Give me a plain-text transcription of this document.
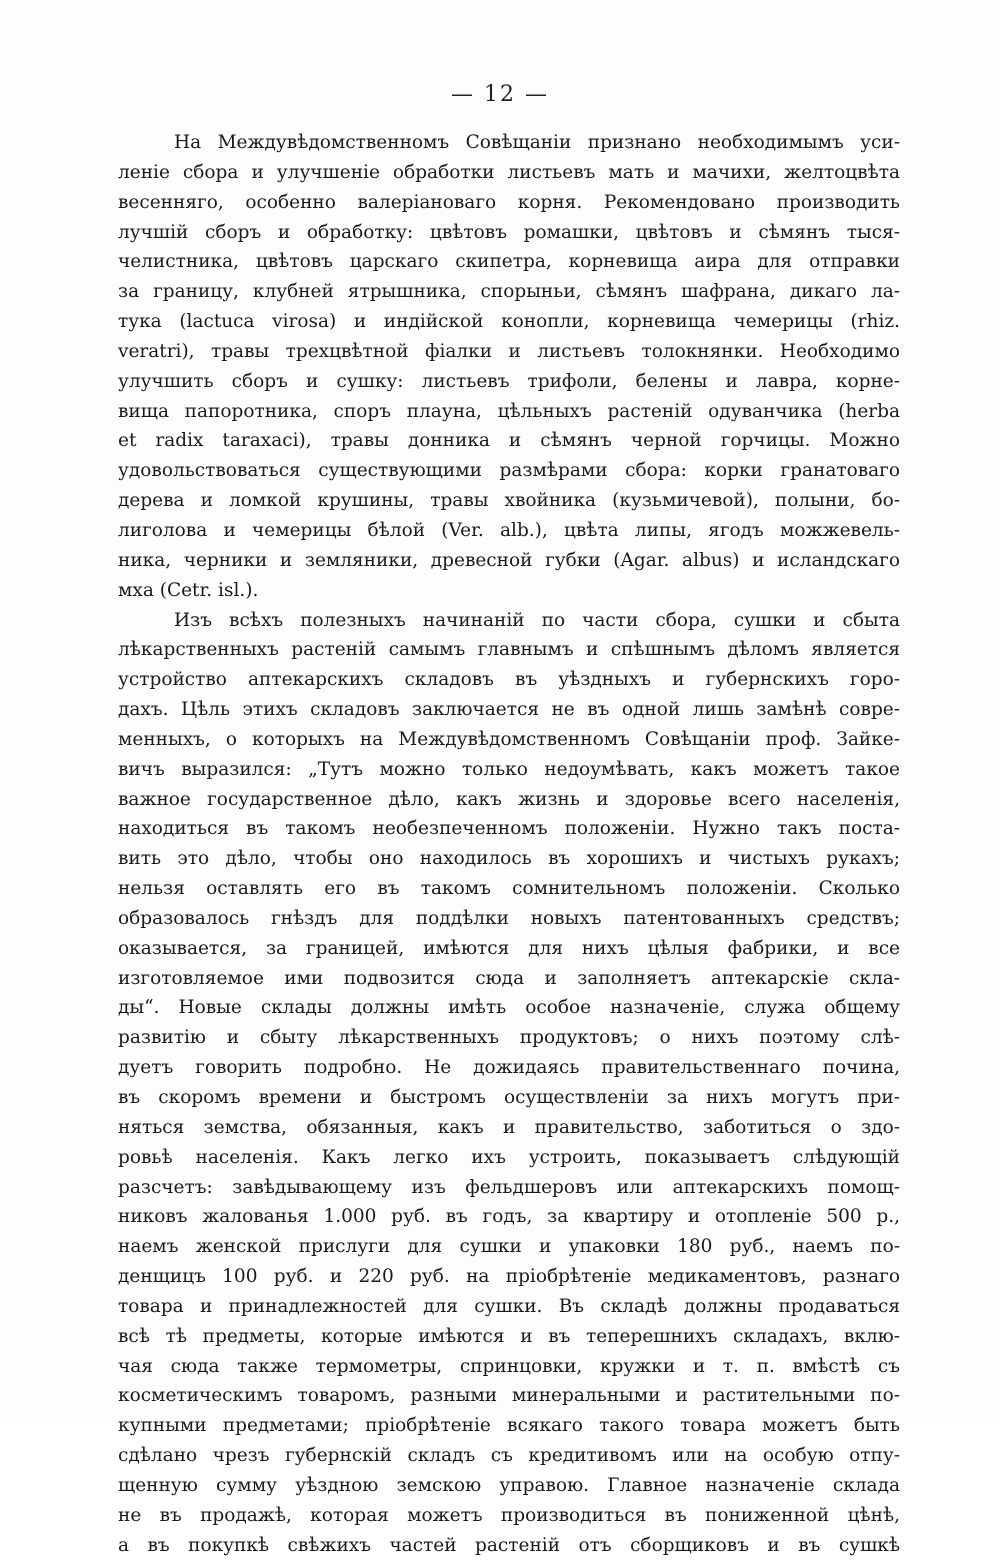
— 12 —
На Междувѣдомственномъ Совѣщаніи признано необходимымъ уси-
леніе сбора и улучшеніе обработки листьевъ мать и мачихи, желтоцвѣта
весенняго, особенно валеріановаго корня. Рекомендовано производить
лучшій сборъ и обработку: цвѣтовъ ромашки, цвѣтовъ и сѣмянъ тыся-
челистника, цвѣтовъ царскаго скипетра, корневища аира для отправки
за границу, клубней ятрышника, спорыньи, сѣмянъ шафрана, дикаго ла-
тука (lactuca virosa) и индійской конопли, корневища чемерицы (rhiz.
veratri), травы трехцвѣтной фіалки и листьевъ толокнянки. Необходимо
улучшить сборъ и сушку: листьевъ трифоли, белены и лавра, корне-
вища папоротника, споръ плауна, цѣльныхъ растеній одуванчика (herba
et radix taraxaci), травы донника и сѣмянъ черной горчицы. Можно
удовольствоваться существующими размѣрами сбора: корки гранатоваго
дерева и ломкой крушины, травы хвойника (кузьмичевой), полыни, бо-
лиголова и чемерицы бѣлой (Ver. alb.), цвѣта липы, ягодъ можжевель-
ника, черники и земляники, древесной губки (Agar. albus) и исландскаго
мха (Cetr. isl.).
Изъ всѣхъ полезныхъ начинаній по части сбора, сушки и сбыта
лѣкарственныхъ растеній самымъ главнымъ и спѣшнымъ дѣломъ является
устройство аптекарскихъ складовъ въ уѣздныхъ и губернскихъ горо-
дахъ. Цѣль этихъ складовъ заключается не въ одной лишь замѣнѣ совре-
менныхъ, о которыхъ на Междувѣдомственномъ Совѣщаніи проф. Зайке-
вичъ выразился: „Тутъ можно только недоумѣвать, какъ можетъ такое
важное государственное дѣло, какъ жизнь и здоровье всего населенія,
находиться въ такомъ необезпеченномъ положеніи. Нужно такъ поста-
вить это дѣло, чтобы оно находилось въ хорошихъ и чистыхъ рукахъ;
нельзя оставлять его въ такомъ сомнительномъ положеніи. Сколько
образовалось гнѣздъ для поддѣлки новыхъ патентованныхъ средствъ;
оказывается, за границей, имѣются для нихъ цѣлыя фабрики, и все
изготовляемое ими подвозится сюда и заполняетъ аптекарскіе скла-
ды“. Новые склады должны имѣть особое назначеніе, служа общему
развитію и сбыту лѣкарственныхъ продуктовъ; о нихъ поэтому слѣ-
дуетъ говорить подробно. Не дожидаясь правительственнаго почина,
въ скоромъ времени и быстромъ осуществленіи за нихъ могутъ при-
няться земства, обязанныя, какъ и правительство, заботиться о здо-
ровьѣ населенія. Какъ легко ихъ устроить, показываетъ слѣдующій
разсчетъ: завѣдывающему изъ фельдшеровъ или аптекарскихъ помощ-
никовъ жалованья 1.000 руб. въ годъ, за квартиру и отопленіе 500 р.,
наемъ женской прислуги для сушки и упаковки 180 руб., наемъ по-
денщицъ 100 руб. и 220 руб. на пріобрѣтеніе медикаментовъ, разнаго
товара и принадлежностей для сушки. Въ складѣ должны продаваться
всѣ тѣ предметы, которые имѣются и въ теперешнихъ складахъ, вклю-
чая сюда также термометры, спринцовки, кружки и т. п. вмѣстѣ съ
косметическимъ товаромъ, разными минеральными и растительными по-
купными предметами; пріобрѣтеніе всякаго такого товара можетъ быть
сдѣлано чрезъ губернскій складъ съ кредитивомъ или на особую отпу-
щенную сумму уѣздною земскою управою. Главное назначеніе склада
не въ продажѣ, которая можетъ производиться въ пониженной цѣнѣ,
а въ покупкѣ свѣжихъ частей растеній отъ сборщиковъ и въ сушкѣ
